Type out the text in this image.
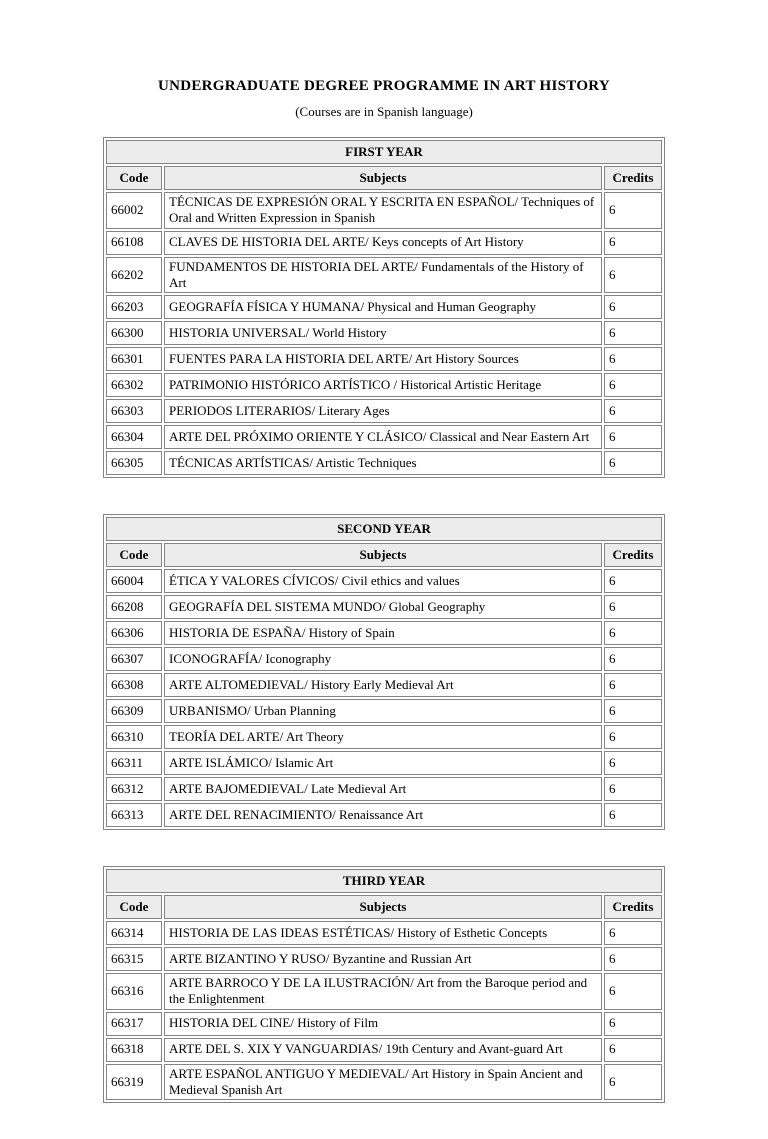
UNDERGRADUATE DEGREE PROGRAMME IN ART HISTORY
(Courses are in Spanish language)
FIRST YEAR		
Code	Subjects	Credits
66002	TÉCNICAS DE EXPRESIÓN ORAL Y ESCRITA EN ESPAÑOL/ Techniques of Oral and Written Expression in Spanish	6
66108	CLAVES DE HISTORIA DEL ARTE/ Keys concepts of Art History	6
66202	FUNDAMENTOS DE HISTORIA DEL ARTE/ Fundamentals of the History of Art	6
66203	GEOGRAFÍA FÍSICA Y HUMANA/ Physical and Human Geography	6
66300	HISTORIA UNIVERSAL/ World History	6
66301	FUENTES PARA LA HISTORIA DEL ARTE/ Art History Sources	6
66302	PATRIMONIO HISTÓRICO ARTÍSTICO / Historical Artistic Heritage	6
66303	PERIODOS LITERARIOS/ Literary Ages	6
66304	ARTE DEL PRÓXIMO ORIENTE Y CLÁSICO/ Classical and Near Eastern Art	6
66305	TÉCNICAS ARTÍSTICAS/ Artistic Techniques	6
SECOND YEAR		
Code	Subjects	Credits
66004	ÉTICA Y VALORES CÍVICOS/ Civil ethics and values	6
66208	GEOGRAFÍA DEL SISTEMA MUNDO/ Global Geography	6
66306	HISTORIA DE ESPAÑA/ History of Spain	6
66307	ICONOGRAFÍA/ Iconography	6
66308	ARTE ALTOMEDIEVAL/ History Early Medieval Art	6
66309	URBANISMO/ Urban Planning	6
66310	TEORÍA DEL ARTE/ Art Theory	6
66311	ARTE ISLÁMICO/ Islamic Art	6
66312	ARTE BAJOMEDIEVAL/ Late Medieval Art	6
66313	ARTE DEL RENACIMIENTO/ Renaissance Art	6
THIRD YEAR		
Code	Subjects	Credits
66314	HISTORIA DE LAS IDEAS ESTÉTICAS/ History of Esthetic Concepts	6
66315	ARTE BIZANTINO Y RUSO/ Byzantine and Russian Art	6
66316	ARTE BARROCO Y DE LA ILUSTRACIÓN/ Art from the Baroque period and the Enlightenment	6
66317	HISTORIA DEL CINE/ History of Film	6
66318	ARTE DEL S. XIX Y VANGUARDIAS/ 19th Century and Avant-guard Art	6
66319	ARTE ESPAÑOL ANTIGUO Y MEDIEVAL/ Art History in Spain Ancient and Medieval Spanish Art	6
